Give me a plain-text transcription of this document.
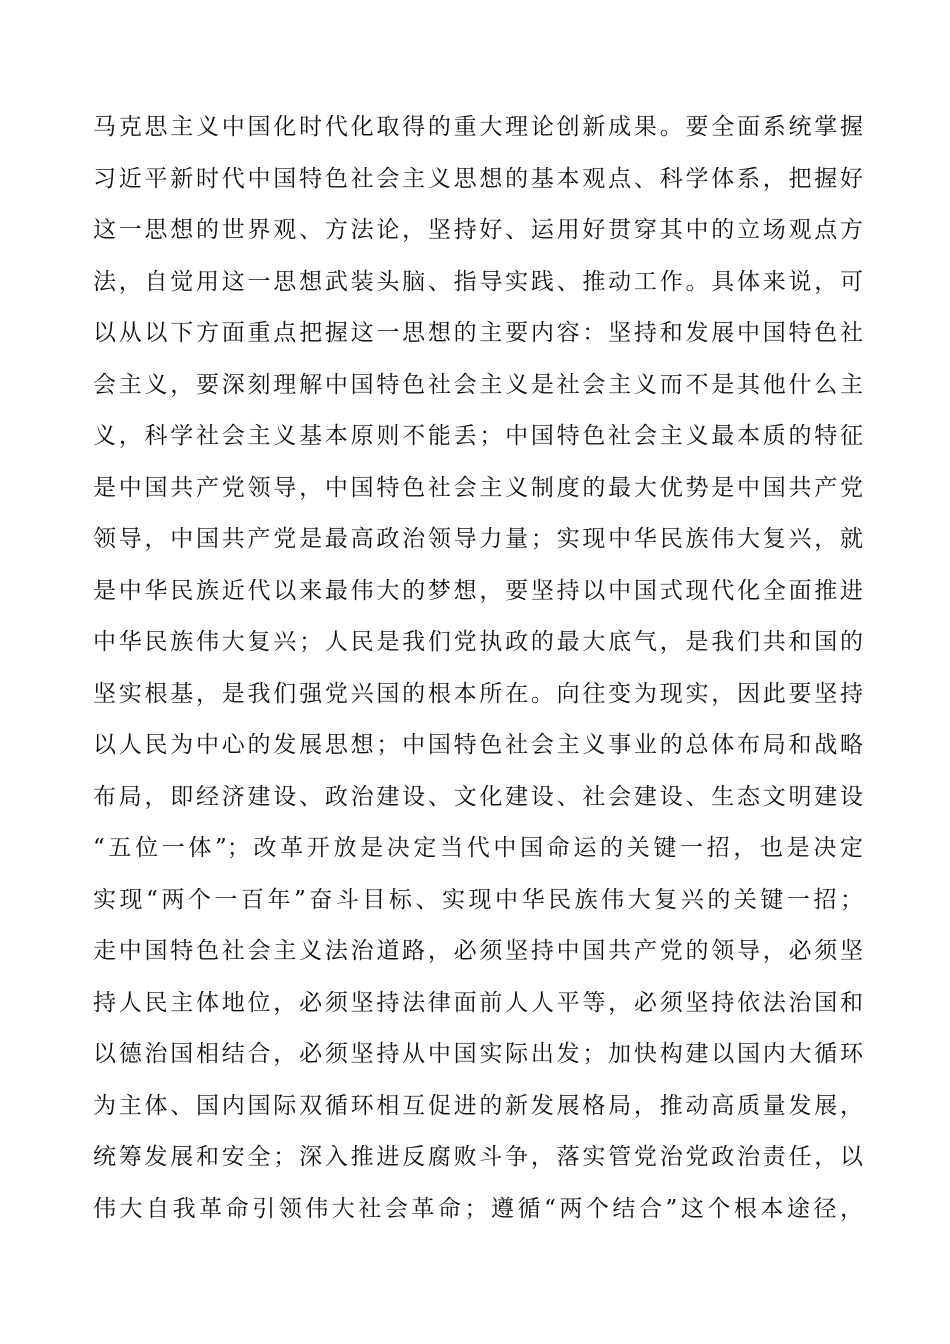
马克思主义中国化时代化取得的重大理论创新成果。要全面系统掌握
习近平新时代中国特色社会主义思想的基本观点、科学体系，把握好
这一思想的世界观、方法论，坚持好、运用好贯穿其中的立场观点方
法，自觉用这一思想武装头脑、指导实践、推动工作。具体来说，可
以从以下方面重点把握这一思想的主要内容：坚持和发展中国特色社
会主义，要深刻理解中国特色社会主义是社会主义而不是其他什么主
义，科学社会主义基本原则不能丢；中国特色社会主义最本质的特征
是中国共产党领导，中国特色社会主义制度的最大优势是中国共产党
领导，中国共产党是最高政治领导力量；实现中华民族伟大复兴，就
是中华民族近代以来最伟大的梦想，要坚持以中国式现代化全面推进
中华民族伟大复兴；人民是我们党执政的最大底气，是我们共和国的
坚实根基，是我们强党兴国的根本所在。向往变为现实，因此要坚持
以人民为中心的发展思想；中国特色社会主义事业的总体布局和战略
布局，即经济建设、政治建设、文化建设、社会建设、生态文明建设
“五位一体”；改革开放是决定当代中国命运的关键一招，也是决定
实现“两个一百年”奋斗目标、实现中华民族伟大复兴的关键一招；
走中国特色社会主义法治道路，必须坚持中国共产党的领导，必须坚
持人民主体地位，必须坚持法律面前人人平等，必须坚持依法治国和
以德治国相结合，必须坚持从中国实际出发；加快构建以国内大循环
为主体、国内国际双循环相互促进的新发展格局，推动高质量发展，
统筹发展和安全；深入推进反腐败斗争，落实管党治党政治责任，以
伟大自我革命引领伟大社会革命；遵循“两个结合”这个根本途径，
